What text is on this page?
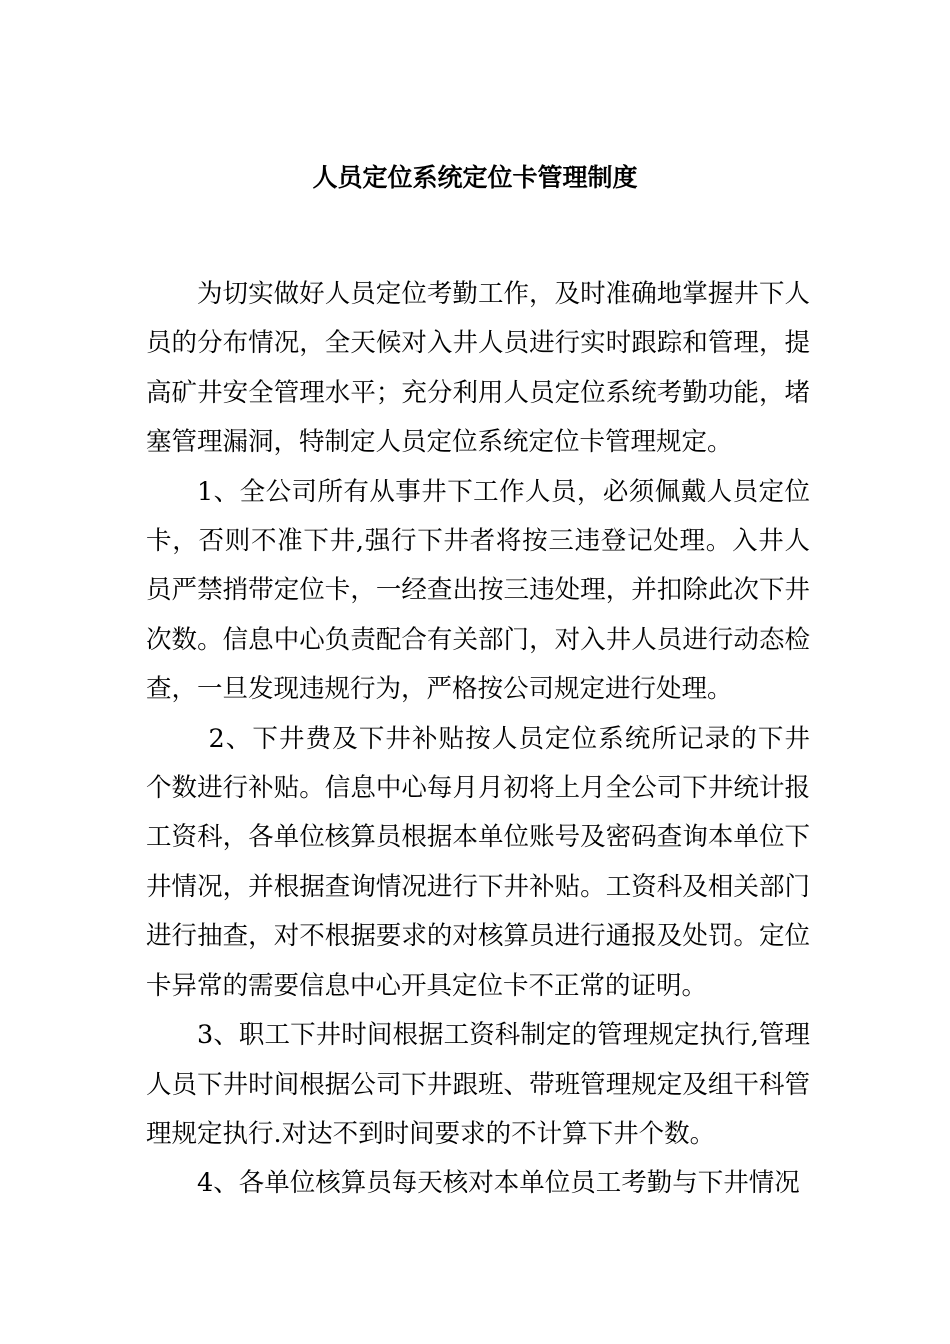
人员定位系统定位卡管理制度

为切实做好人员定位考勤工作，及时准确地掌握井下人员的分布情况，全天候对入井人员进行实时跟踪和管理，提高矿井安全管理水平；充分利用人员定位系统考勤功能，堵塞管理漏洞，特制定人员定位系统定位卡管理规定。

1、全公司所有从事井下工作人员，必须佩戴人员定位卡，否则不准下井,强行下井者将按三违登记处理。入井人员严禁捎带定位卡，一经查出按三违处理，并扣除此次下井次数。信息中心负责配合有关部门，对入井人员进行动态检查，一旦发现违规行为，严格按公司规定进行处理。

2、下井费及下井补贴按人员定位系统所记录的下井个数进行补贴。信息中心每月月初将上月全公司下井统计报工资科，各单位核算员根据本单位账号及密码查询本单位下井情况，并根据查询情况进行下井补贴。工资科及相关部门进行抽查，对不根据要求的对核算员进行通报及处罚。定位卡异常的需要信息中心开具定位卡不正常的证明。

3、职工下井时间根据工资科制定的管理规定执行,管理人员下井时间根据公司下井跟班、带班管理规定及组干科管理规定执行.对达不到时间要求的不计算下井个数。

4、各单位核算员每天核对本单位员工考勤与下井情况
